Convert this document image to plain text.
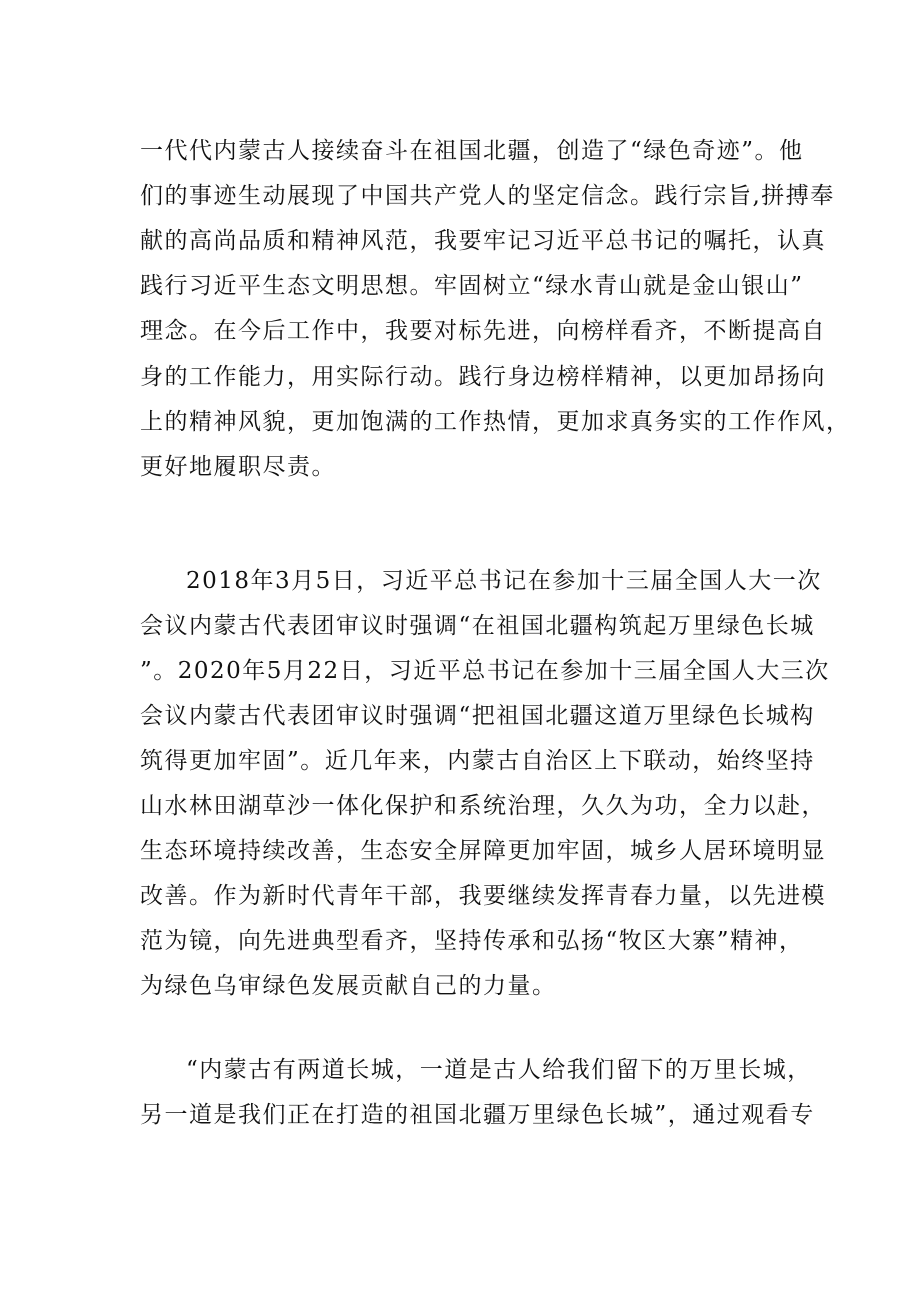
一代代内蒙古人接续奋斗在祖国北疆，创造了“绿色奇迹”。他
们的事迹生动展现了中国共产党人的坚定信念。践行宗旨,拼搏奉
献的高尚品质和精神风范，我要牢记习近平总书记的嘱托，认真
践行习近平生态文明思想。牢固树立“绿水青山就是金山银山”
理念。在今后工作中，我要对标先进，向榜样看齐，不断提高自
身的工作能力，用实际行动。践行身边榜样精神，以更加昂扬向
上的精神风貌，更加饱满的工作热情，更加求真务实的工作作风，
更好地履职尽责。
2018年3月5日，习近平总书记在参加十三届全国人大一次
会议内蒙古代表团审议时强调“在祖国北疆构筑起万里绿色长城
”。2020年5月22日，习近平总书记在参加十三届全国人大三次
会议内蒙古代表团审议时强调“把祖国北疆这道万里绿色长城构
筑得更加牢固”。近几年来，内蒙古自治区上下联动，始终坚持
山水林田湖草沙一体化保护和系统治理，久久为功，全力以赴，
生态环境持续改善，生态安全屏障更加牢固，城乡人居环境明显
改善。作为新时代青年干部，我要继续发挥青春力量，以先进模
范为镜，向先进典型看齐，坚持传承和弘扬“牧区大寨”精神，
为绿色乌审绿色发展贡献自己的力量。
“内蒙古有两道长城，一道是古人给我们留下的万里长城，
另一道是我们正在打造的祖国北疆万里绿色长城”，通过观看专
